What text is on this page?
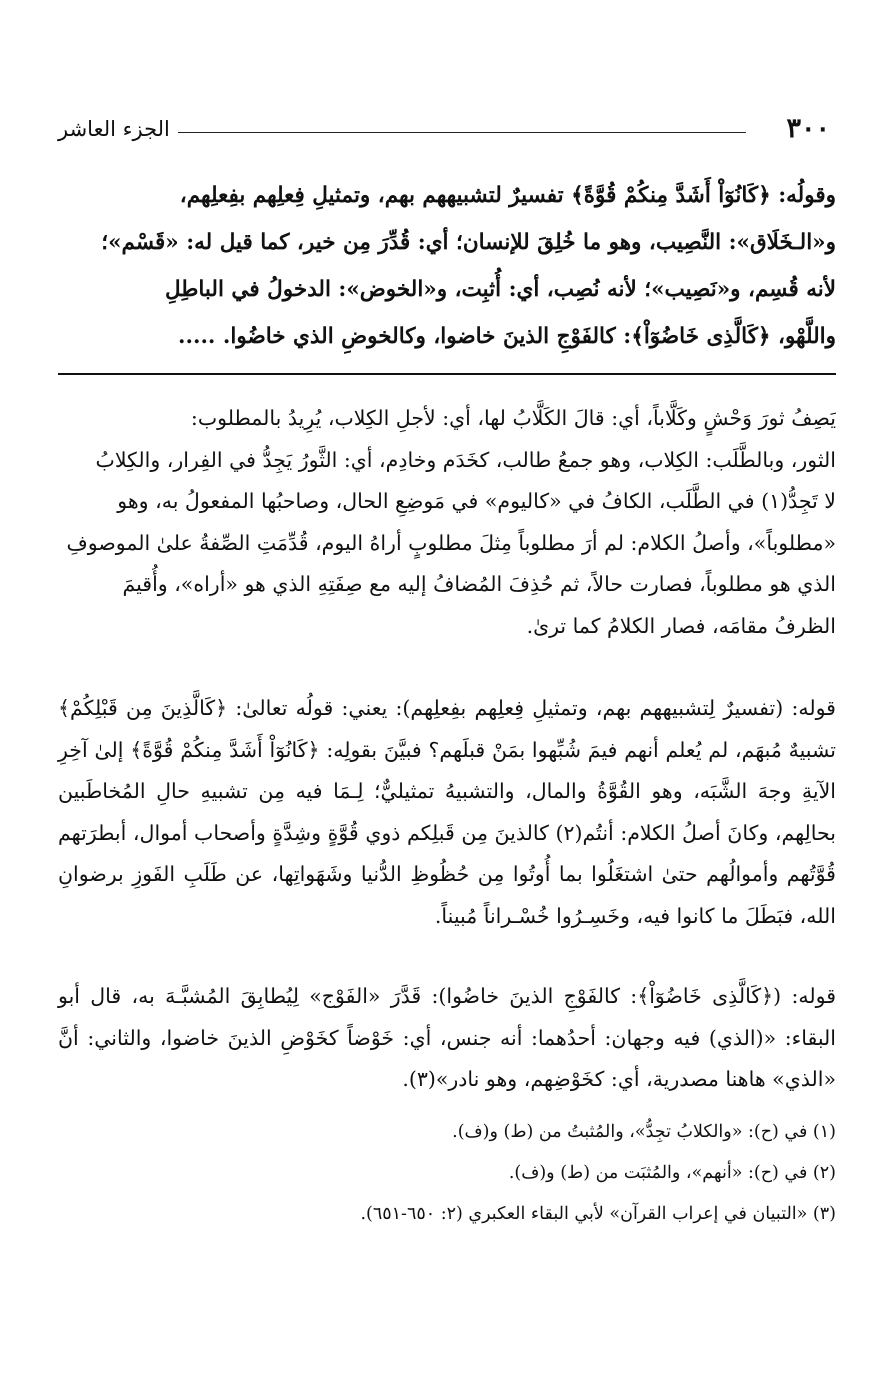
٣٠٠
الجزء العاشر
وقولُه: ﴿كَانُوٓاْ أَشَدَّ مِنكُمْ قُوَّةً﴾ تفسيرٌ لتشبيههم بهم، وتمثيلِ فِعلِهم بفِعلِهم،
و«الـخَلَاق»: النَّصِيب، وهو ما خُلِقَ للإنسان؛ أي: قُدِّرَ مِن خير، كما قيل له: «قَسْم»؛
لأنه قُسِم، و«نَصِيب»؛ لأنه نُصِب، أي: أُثبِت، و«الخوض»: الدخولُ في الباطِلِ
واللَّهْو، ﴿كَالَّذِى خَاضُوٓاْ﴾: كالفَوْجِ الذينَ خاضوا، وكالخوضِ الذي خاضُوا. .....
يَصِفُ ثورَ وَحْشٍ وكَلَّاباً، أي: قالَ الكَلَّابُ لها، أي: لأجلِ الكِلاب، يُرِيدُ بالمطلوب:
الثور، وبالطَّلَب: الكِلاب، وهو جمعُ طالب، كخَدَم وخادِم، أي: الثَّورُ يَجِدُّ في الفِرار، والكِلابُ
لا تَجِدُّ(١) في الطَّلَب، الكافُ في «كاليوم» في مَوضِعِ الحال، وصاحبُها المفعولُ به، وهو
«مطلوباً»، وأصلُ الكلام: لم أرَ مطلوباً مِثلَ مطلوبٍ أراهُ اليوم، قُدِّمَتِ الصِّفةُ علىٰ الموصوفِ
الذي هو مطلوباً، فصارت حالاً، ثم حُذِفَ المُضافُ إليه مع صِفَتِهِ الذي هو «أراه»، وأُقيمَ
الظرفُ مقامَه، فصار الكلامُ كما ترىٰ.
قوله: (تفسيرٌ لِتشبيههم بهم، وتمثيلِ فِعلِهم بفِعلِهم): يعني: قولُه تعالىٰ: ﴿كَالَّذِينَ مِن قَبْلِكُمْ﴾ تشبيهٌ مُبهَم، لم يُعلم أنهم فيمَ شُبِّهوا بمَنْ قبلَهم؟ فبيَّنَ بقولِه: ﴿كَانُوٓاْ أَشَدَّ مِنكُمْ قُوَّةً﴾ إلىٰ آخِرِ الآيةِ وجهَ الشَّبَه، وهو القُوَّةُ والمال، والتشبيهُ تمثيليٌّ؛ لِـمَا فيه مِن تشبيهِ حالِ المُخاطَبين بحالِهم، وكانَ أصلُ الكلام: أنتُم(٢) كالذينَ مِن قَبلِكم ذوي قُوَّةٍ وشِدَّةٍ وأصحاب أموال، أبطرَتهم قُوَّتُهم وأموالُهم حتىٰ اشتغَلُوا بما أُوتُوا مِن حُظُوظِ الدُّنيا وشَهَواتِها، عن طَلَبِ الفَوزِ برضوانِ الله، فبَطَلَ ما كانوا فيه، وخَسِـرُوا خُسْـراناً مُبيناً.
قوله: (﴿كَالَّذِى خَاضُوٓاْ﴾: كالفَوْجِ الذينَ خاضُوا): قَدَّرَ «الفَوْج» لِيُطابِقَ المُشبَّـهَ به، قال أبو البقاء: «(الذي) فيه وجهان: أحدُهما: أنه جنس، أي: خَوْضاً كخَوْضِ الذينَ خاضوا، والثاني: أنَّ «الذي» هاهنا مصدرية، أي: كخَوْضِهم، وهو نادر»(٣).
(١) في (ح): «والكلابُ تجِدُّ»، والمُثبتُ من (ط) و(ف).
(٢) في (ح): «أنهم»، والمُثبَت من (ط) و(ف).
(٣) «التبيان في إعراب القرآن» لأبي البقاء العكبري (٢: ٦٥٠-٦٥١).
